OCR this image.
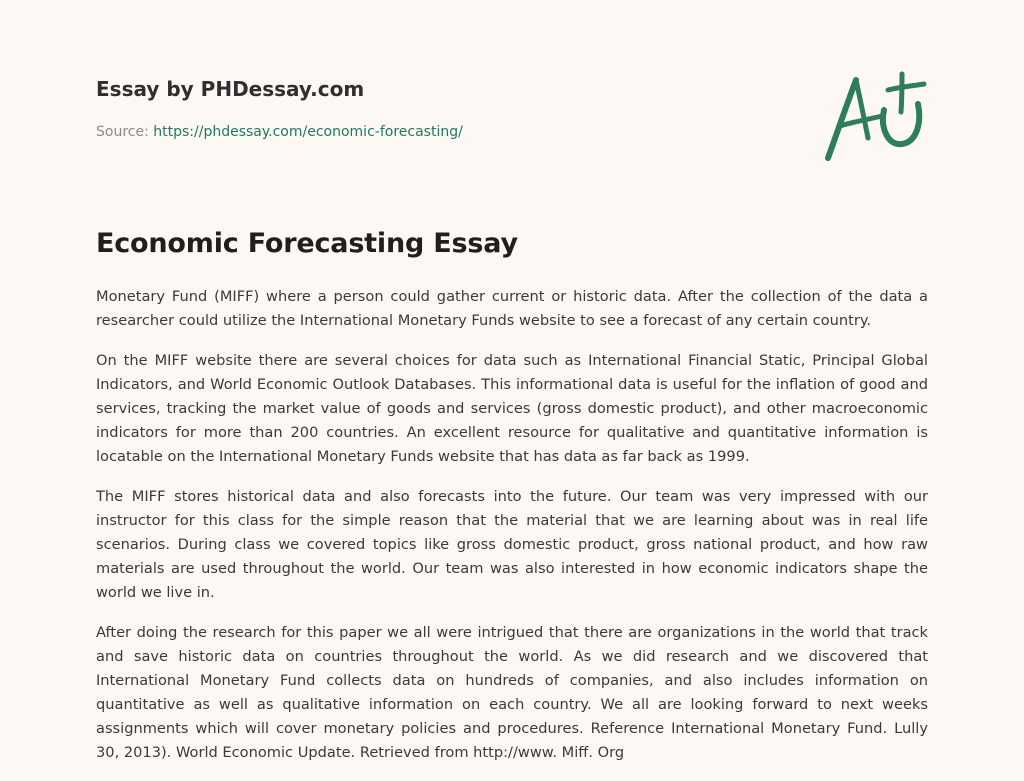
Essay by PHDessay.com
Source: https://phdessay.com/economic-forecasting/
Economic Forecasting Essay

Monetary Fund (MIFF) where a person could gather current or historic data. After the collection of the data a researcher could utilize the International Monetary Funds website to see a forecast of any certain country.

On the MIFF website there are several choices for data such as International Financial Static, Principal Global Indicators, and World Economic Outlook Databases. This informational data is useful for the inflation of good and services, tracking the market value of goods and services (gross domestic product), and other macroeconomic indicators for more than 200 countries. An excellent resource for qualitative and quantitative information is locatable on the International Monetary Funds website that has data as far back as 1999.

The MIFF stores historical data and also forecasts into the future. Our team was very impressed with our instructor for this class for the simple reason that the material that we are learning about was in real life scenarios. During class we covered topics like gross domestic product, gross national product, and how raw materials are used throughout the world. Our team was also interested in how economic indicators shape the world we live in.

After doing the research for this paper we all were intrigued that there are organizations in the world that track and save historic data on countries throughout the world. As we did research and we discovered that International Monetary Fund collects data on hundreds of companies, and also includes information on quantitative as well as qualitative information on each country. We all are looking forward to next weeks assignments which will cover monetary policies and procedures. Reference International Monetary Fund. Lully 30, 2013). World Economic Update. Retrieved from http://www. Miff. Org
